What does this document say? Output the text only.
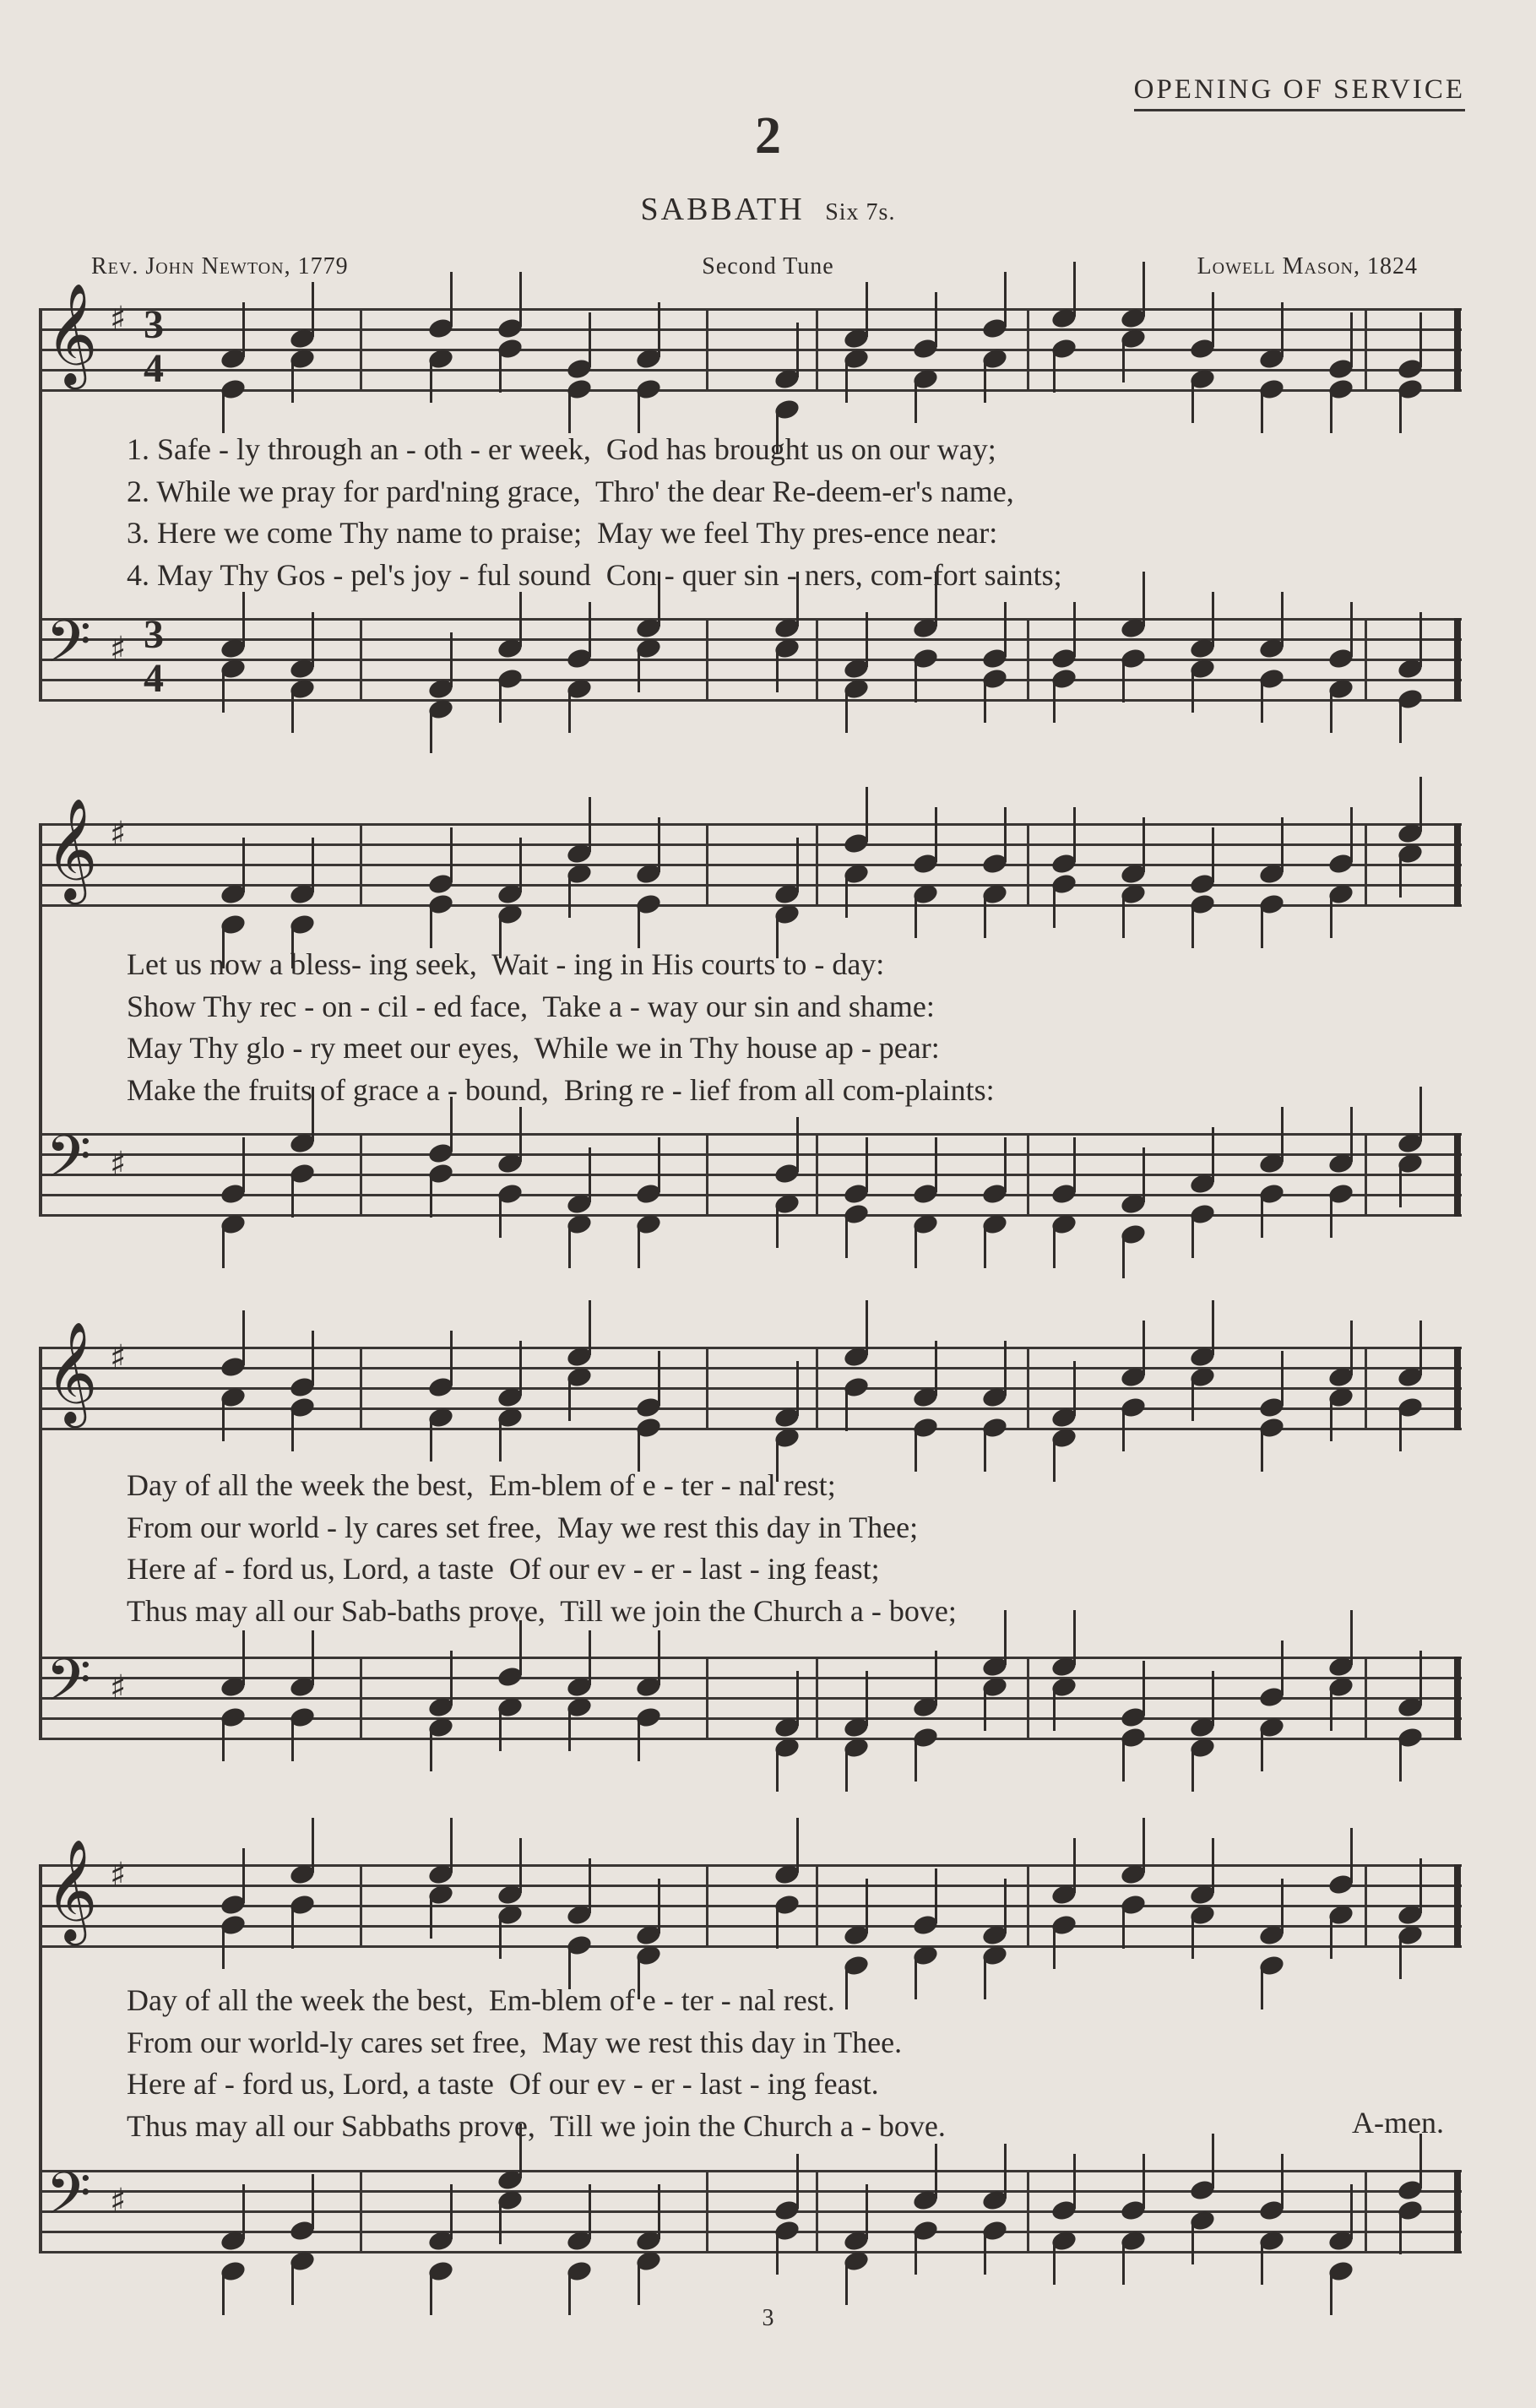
OPENING OF SERVICE
2
SABBATH Six 7s.
Rev. John Newton, 1779	Second Tune	Lowell Mason, 1824
𝄞 ♯ 3
4
𝄢 ♯ 3
4
1. Safe - ly through an - oth - er week,  God has brought us on our way;
2. While we pray for pard'ning grace,  Thro' the dear Re-deem-er's name,
3. Here we come Thy name to praise;  May we feel Thy pres-ence near:
4. May Thy Gos - pel's joy - ful sound  Con - quer sin - ners, com-fort saints;
𝄞 ♯
𝄢 ♯
Let us now a bless- ing seek,  Wait - ing in His courts to - day:
Show Thy rec - on - cil - ed face,  Take a - way our sin and shame:
May Thy glo - ry meet our eyes,  While we in Thy house ap - pear:
Make the fruits of grace a - bound,  Bring re - lief from all com-plaints:
𝄞 ♯
𝄢 ♯
Day of all the week the best,  Em-blem of e - ter - nal rest;
From our world - ly cares set free,  May we rest this day in Thee;
Here af - ford us, Lord, a taste  Of our ev - er - last - ing feast;
Thus may all our Sab-baths prove,  Till we join the Church a - bove;
𝄞 ♯
𝄢 ♯
Day of all the week the best,  Em-blem of e - ter - nal rest.
From our world-ly cares set free,  May we rest this day in Thee.
Here af - ford us, Lord, a taste  Of our ev - er - last - ing feast.
Thus may all our Sabbaths prove,  Till we join the Church a - bove.	A-men.
3
